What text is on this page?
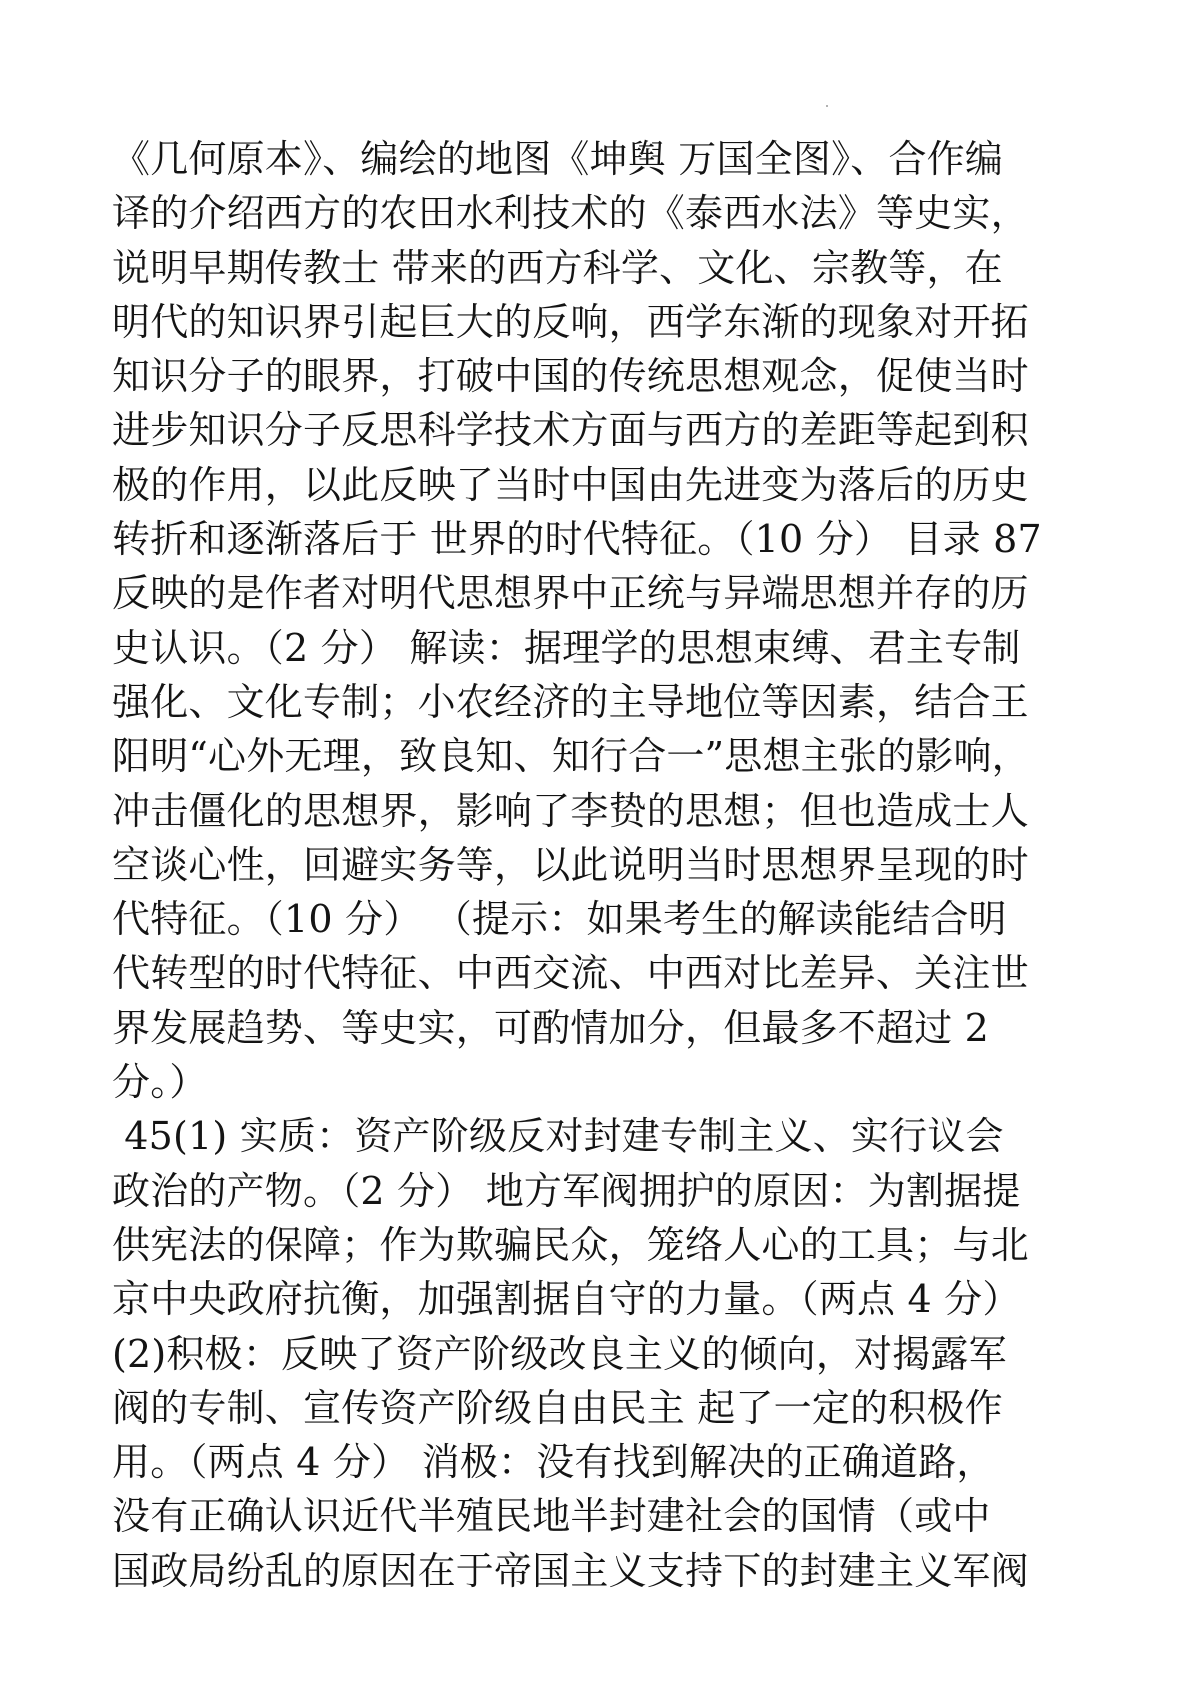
《几何原本》、编绘的地图《坤舆 万国全图》、合作编
译的介绍西方的农田水利技术的《泰西水法》等史实，
说明早期传教士 带来的西方科学、文化、宗教等，在
明代的知识界引起巨大的反响，西学东渐的现象对开拓
知识分子的眼界，打破中国的传统思想观念，促使当时
进步知识分子反思科学技术方面与西方的差距等起到积
极的作用，以此反映了当时中国由先进变为落后的历史
转折和逐渐落后于 世界的时代特征。（10 分） 目录 87
反映的是作者对明代思想界中正统与异端思想并存的历
史认识。（2 分） 解读：据理学的思想束缚、君主专制
强化、文化专制；小农经济的主导地位等因素，结合王
阳明“心外无理，致良知、知行合一”思想主张的影响，
冲击僵化的思想界，影响了李贽的思想；但也造成士人
空谈心性，回避实务等，以此说明当时思想界呈现的时
代特征。（10 分） （提示：如果考生的解读能结合明
代转型的时代特征、中西交流、中西对比差异、关注世
界发展趋势、等史实，可酌情加分，但最多不超过 2
分。）
45(1) 实质：资产阶级反对封建专制主义、实行议会
政治的产物。（2 分） 地方军阀拥护的原因：为割据提
供宪法的保障；作为欺骗民众，笼络人心的工具；与北
京中央政府抗衡，加强割据自守的力量。（两点 4 分）
(2)积极：反映了资产阶级改良主义的倾向，对揭露军
阀的专制、宣传资产阶级自由民主 起了一定的积极作
用。（两点 4 分） 消极：没有找到解决的正确道路，
没有正确认识近代半殖民地半封建社会的国情（或中
国政局纷乱的原因在于帝国主义支持下的封建主义军阀
